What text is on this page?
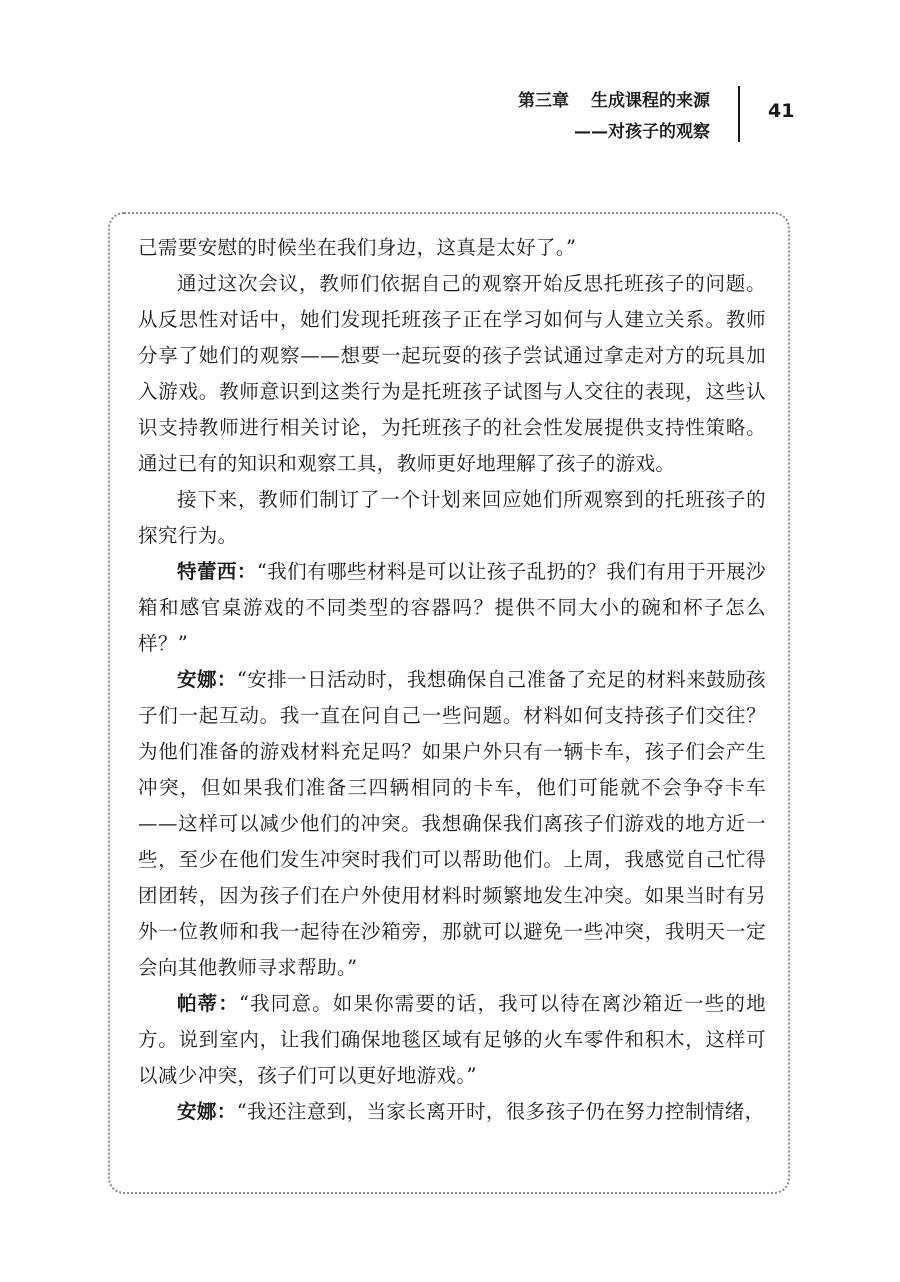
第三章 生成课程的来源
——对孩子的观察
41

己需要安慰的时候坐在我们身边，这真是太好了。”

通过这次会议，教师们依据自己的观察开始反思托班孩子的问题。从反思性对话中，她们发现托班孩子正在学习如何与人建立关系。教师分享了她们的观察——想要一起玩耍的孩子尝试通过拿走对方的玩具加入游戏。教师意识到这类行为是托班孩子试图与人交往的表现，这些认识支持教师进行相关讨论，为托班孩子的社会性发展提供支持性策略。通过已有的知识和观察工具，教师更好地理解了孩子的游戏。

接下来，教师们制订了一个计划来回应她们所观察到的托班孩子的探究行为。

特蕾西：“我们有哪些材料是可以让孩子乱扔的？我们有用于开展沙箱和感官桌游戏的不同类型的容器吗？提供不同大小的碗和杯子怎么样？”

安娜：“安排一日活动时，我想确保自己准备了充足的材料来鼓励孩子们一起互动。我一直在问自己一些问题。材料如何支持孩子们交往？为他们准备的游戏材料充足吗？如果户外只有一辆卡车，孩子们会产生冲突，但如果我们准备三四辆相同的卡车，他们可能就不会争夺卡车——这样可以减少他们的冲突。我想确保我们离孩子们游戏的地方近一些，至少在他们发生冲突时我们可以帮助他们。上周，我感觉自己忙得团团转，因为孩子们在户外使用材料时频繁地发生冲突。如果当时有另外一位教师和我一起待在沙箱旁，那就可以避免一些冲突，我明天一定会向其他教师寻求帮助。”

帕蒂：“我同意。如果你需要的话，我可以待在离沙箱近一些的地方。说到室内，让我们确保地毯区域有足够的火车零件和积木，这样可以减少冲突，孩子们可以更好地游戏。”

安娜：“我还注意到，当家长离开时，很多孩子仍在努力控制情绪，
